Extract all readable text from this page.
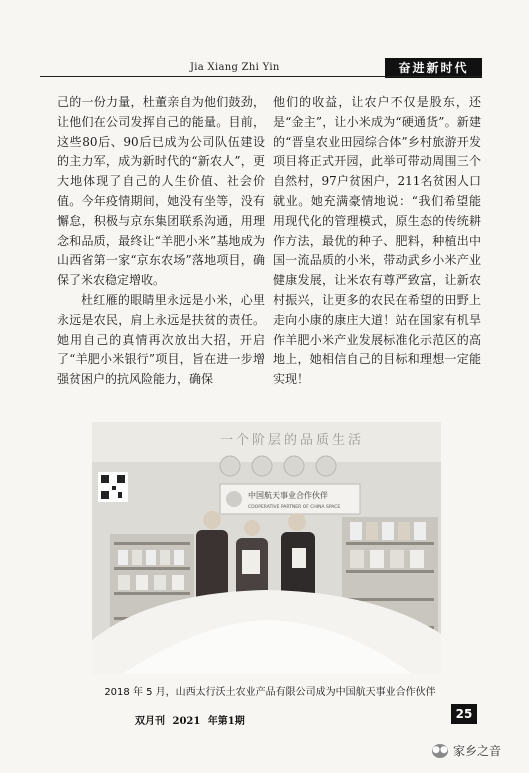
Jia Xiang Zhi Yin	奋进新时代

己的一份力量，杜董亲自为他们鼓劲，让他们在公司发挥自己的能量。目前，这些80后、90后已成为公司队伍建设的主力军，成为新时代的“新农人”，更大地体现了自己的人生价值、社会价值。今年疫情期间，她没有坐等，没有懈怠，积极与京东集团联系沟通，用理念和品质，最终让“羊肥小米”基地成为山西省第一家“京东农场”落地项目，确保了米农稳定增收。

杜红雁的眼睛里永远是小米，心里永远是农民，肩上永远是扶贫的责任。她用自己的真情再次放出大招，开启了“羊肥小米银行”项目，旨在进一步增强贫困户的抗风险能力，确保

他们的收益，让农户不仅是股东，还是“金主”，让小米成为“硬通货”。新建的“晋皇农业田园综合体”乡村旅游开发项目将正式开园，此举可带动周围三个自然村，97户贫困户，211名贫困人口就业。她充满豪情地说：“我们希望能用现代化的管理模式，原生态的传统耕作方法，最优的种子、肥料，种植出中国一流品质的小米，带动武乡小米产业健康发展，让米农有尊严致富，让新农村振兴，让更多的农民在希望的田野上走向小康的康庄大道！站在国家有机旱作羊肥小米产业发展标准化示范区的高地上，她相信自己的目标和理想一定能实现！

一个阶层的品质生活
中国航天事业合作伙伴
COOPERATIVE PARTNER OF CHINA SPACE
2018 年 5 月，山西太行沃土农业产品有限公司成为中国航天事业合作伙伴
双月刊 2021 年第1期
25
●● 家乡之音
